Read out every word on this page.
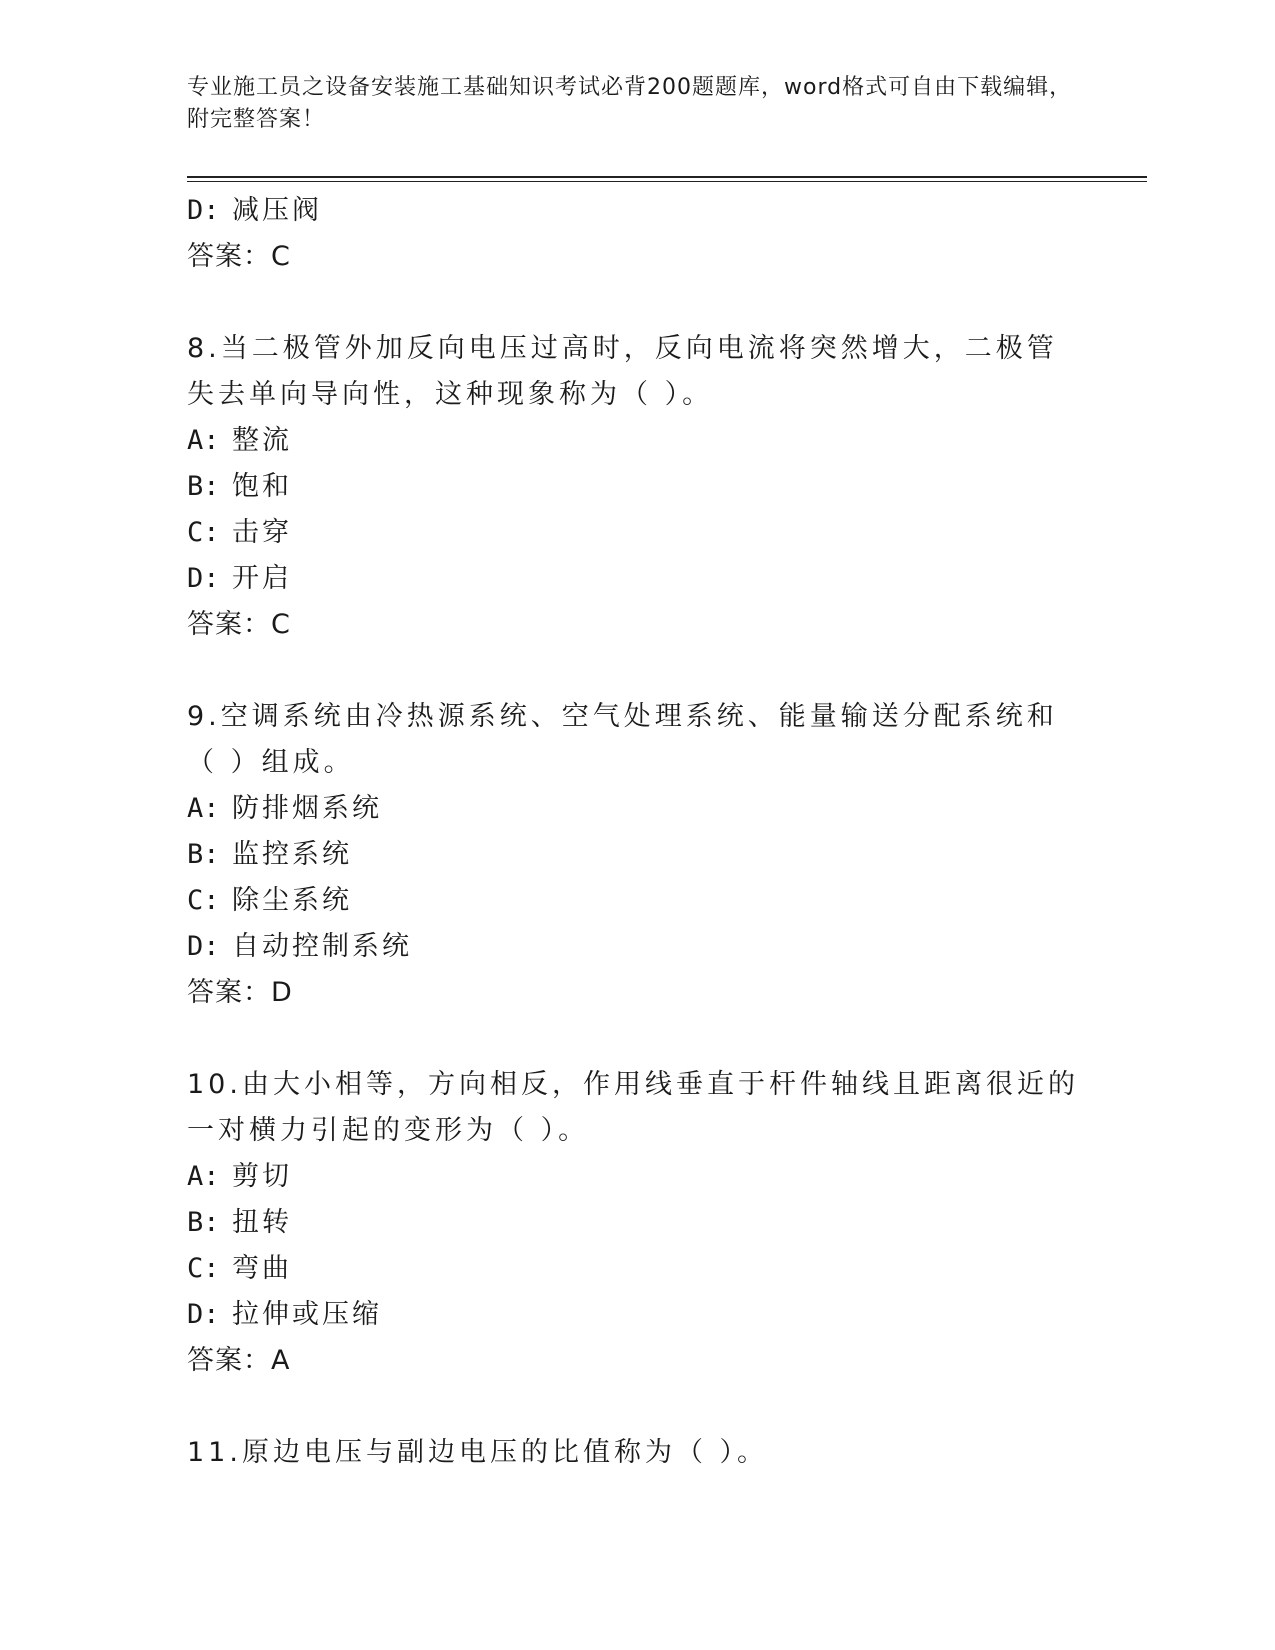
专业施工员之设备安装施工基础知识考试必背200题题库，word格式可自由下载编辑，附完整答案！
D: 减压阀
答案：C
8.当二极管外加反向电压过高时，反向电流将突然增大，二极管失去单向导向性，这种现象称为（ ）。
A: 整流
B: 饱和
C: 击穿
D: 开启
答案：C
9.空调系统由冷热源系统、空气处理系统、能量输送分配系统和（ ）组成。
A: 防排烟系统
B: 监控系统
C: 除尘系统
D: 自动控制系统
答案：D
10.由大小相等，方向相反，作用线垂直于杆件轴线且距离很近的一对横力引起的变形为（ ）。
A: 剪切
B: 扭转
C: 弯曲
D: 拉伸或压缩
答案：A
11.原边电压与副边电压的比值称为（ ）。
